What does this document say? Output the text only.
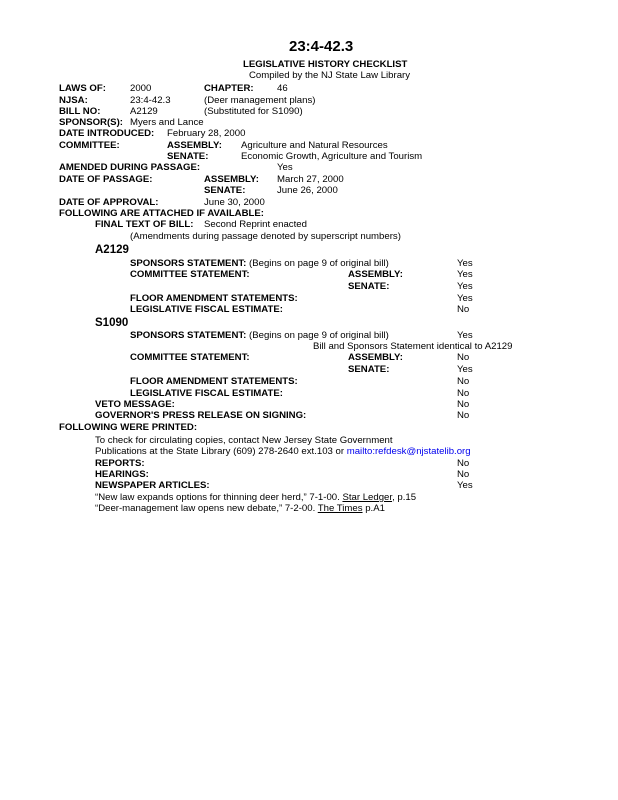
23:4-42.3
LEGISLATIVE HISTORY CHECKLIST
Compiled by the NJ State Law Library
LAWS OF:	2000	CHAPTER: 46
NJSA:	23:4-42.3	(Deer management plans)
BILL NO:	A2129	(Substituted for S1090)
SPONSOR(S): Myers and Lance
DATE INTRODUCED: February 28, 2000
COMMITTEE:	ASSEMBLY: Agriculture and Natural Resources
SENATE:	Economic Growth, Agriculture and Tourism
AMENDED DURING PASSAGE:	Yes
DATE OF PASSAGE:	ASSEMBLY: March 27, 2000
SENATE:	June 26, 2000
DATE OF APPROVAL:	June 30, 2000
FOLLOWING ARE ATTACHED IF AVAILABLE:
FINAL TEXT OF BILL: Second Reprint enacted
(Amendments during passage denoted by superscript numbers)
A2129
SPONSORS STATEMENT: (Begins on page 9 of original bill)	Yes
COMMITTEE STATEMENT:	ASSEMBLY:	Yes
SENATE:	Yes
FLOOR AMENDMENT STATEMENTS:	Yes
LEGISLATIVE FISCAL ESTIMATE:	No
S1090
SPONSORS STATEMENT: (Begins on page 9 of original bill)	Yes
Bill and Sponsors Statement identical to A2129
COMMITTEE STATEMENT:	ASSEMBLY:	No
SENATE:	Yes
FLOOR AMENDMENT STATEMENTS:	No
LEGISLATIVE FISCAL ESTIMATE:	No
VETO MESSAGE:	No
GOVERNOR'S PRESS RELEASE ON SIGNING:	No
FOLLOWING WERE PRINTED:
To check for circulating copies, contact New Jersey State Government
Publications at the State Library (609) 278-2640 ext.103 or mailto:refdesk@njstatelib.org
REPORTS:	No
HEARINGS:	No
NEWSPAPER ARTICLES:	Yes
“New law expands options for thinning deer herd,” 7-1-00. Star Ledger, p.15
“Deer-management law opens new debate,” 7-2-00. The Times p.A1
